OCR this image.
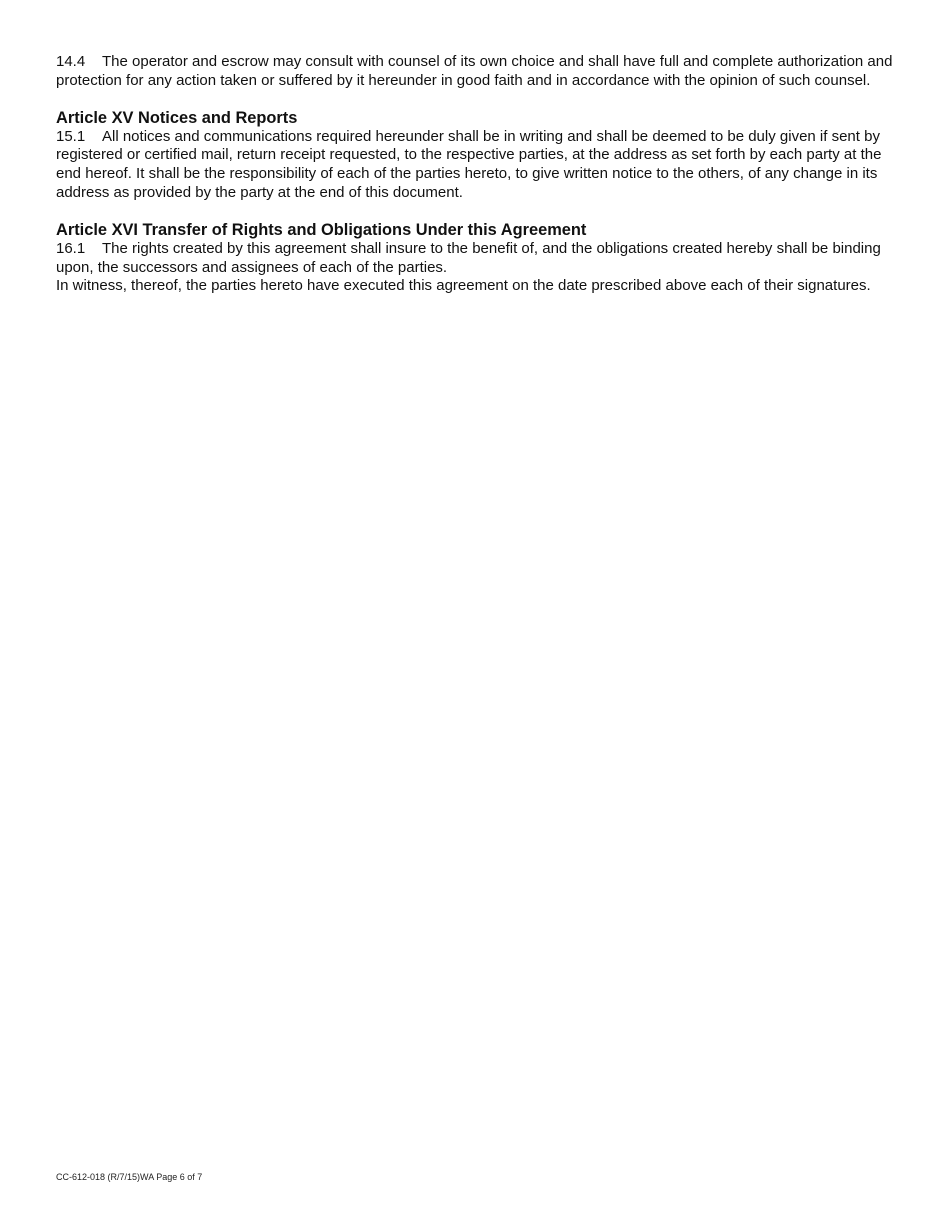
14.4 The operator and escrow may consult with counsel of its own choice and shall have full and complete authorization and protection for any action taken or suffered by it hereunder in good faith and in accordance with the opinion of such counsel.

Article XV Notices and Reports

15.1 All notices and communications required hereunder shall be in writing and shall be deemed to be duly given if sent by registered or certified mail, return receipt requested, to the respective parties, at the address as set forth by each party at the end hereof. It shall be the responsibility of each of the parties hereto, to give written notice to the others, of any change in its address as provided by the party at the end of this document.

Article XVI Transfer of Rights and Obligations Under this Agreement

16.1 The rights created by this agreement shall insure to the benefit of, and the obligations created hereby shall be binding upon, the successors and assignees of each of the parties.

In witness, thereof, the parties hereto have executed this agreement on the date prescribed above each of their signatures.

CC-612-018 (R/7/15)WA Page 6 of 7
